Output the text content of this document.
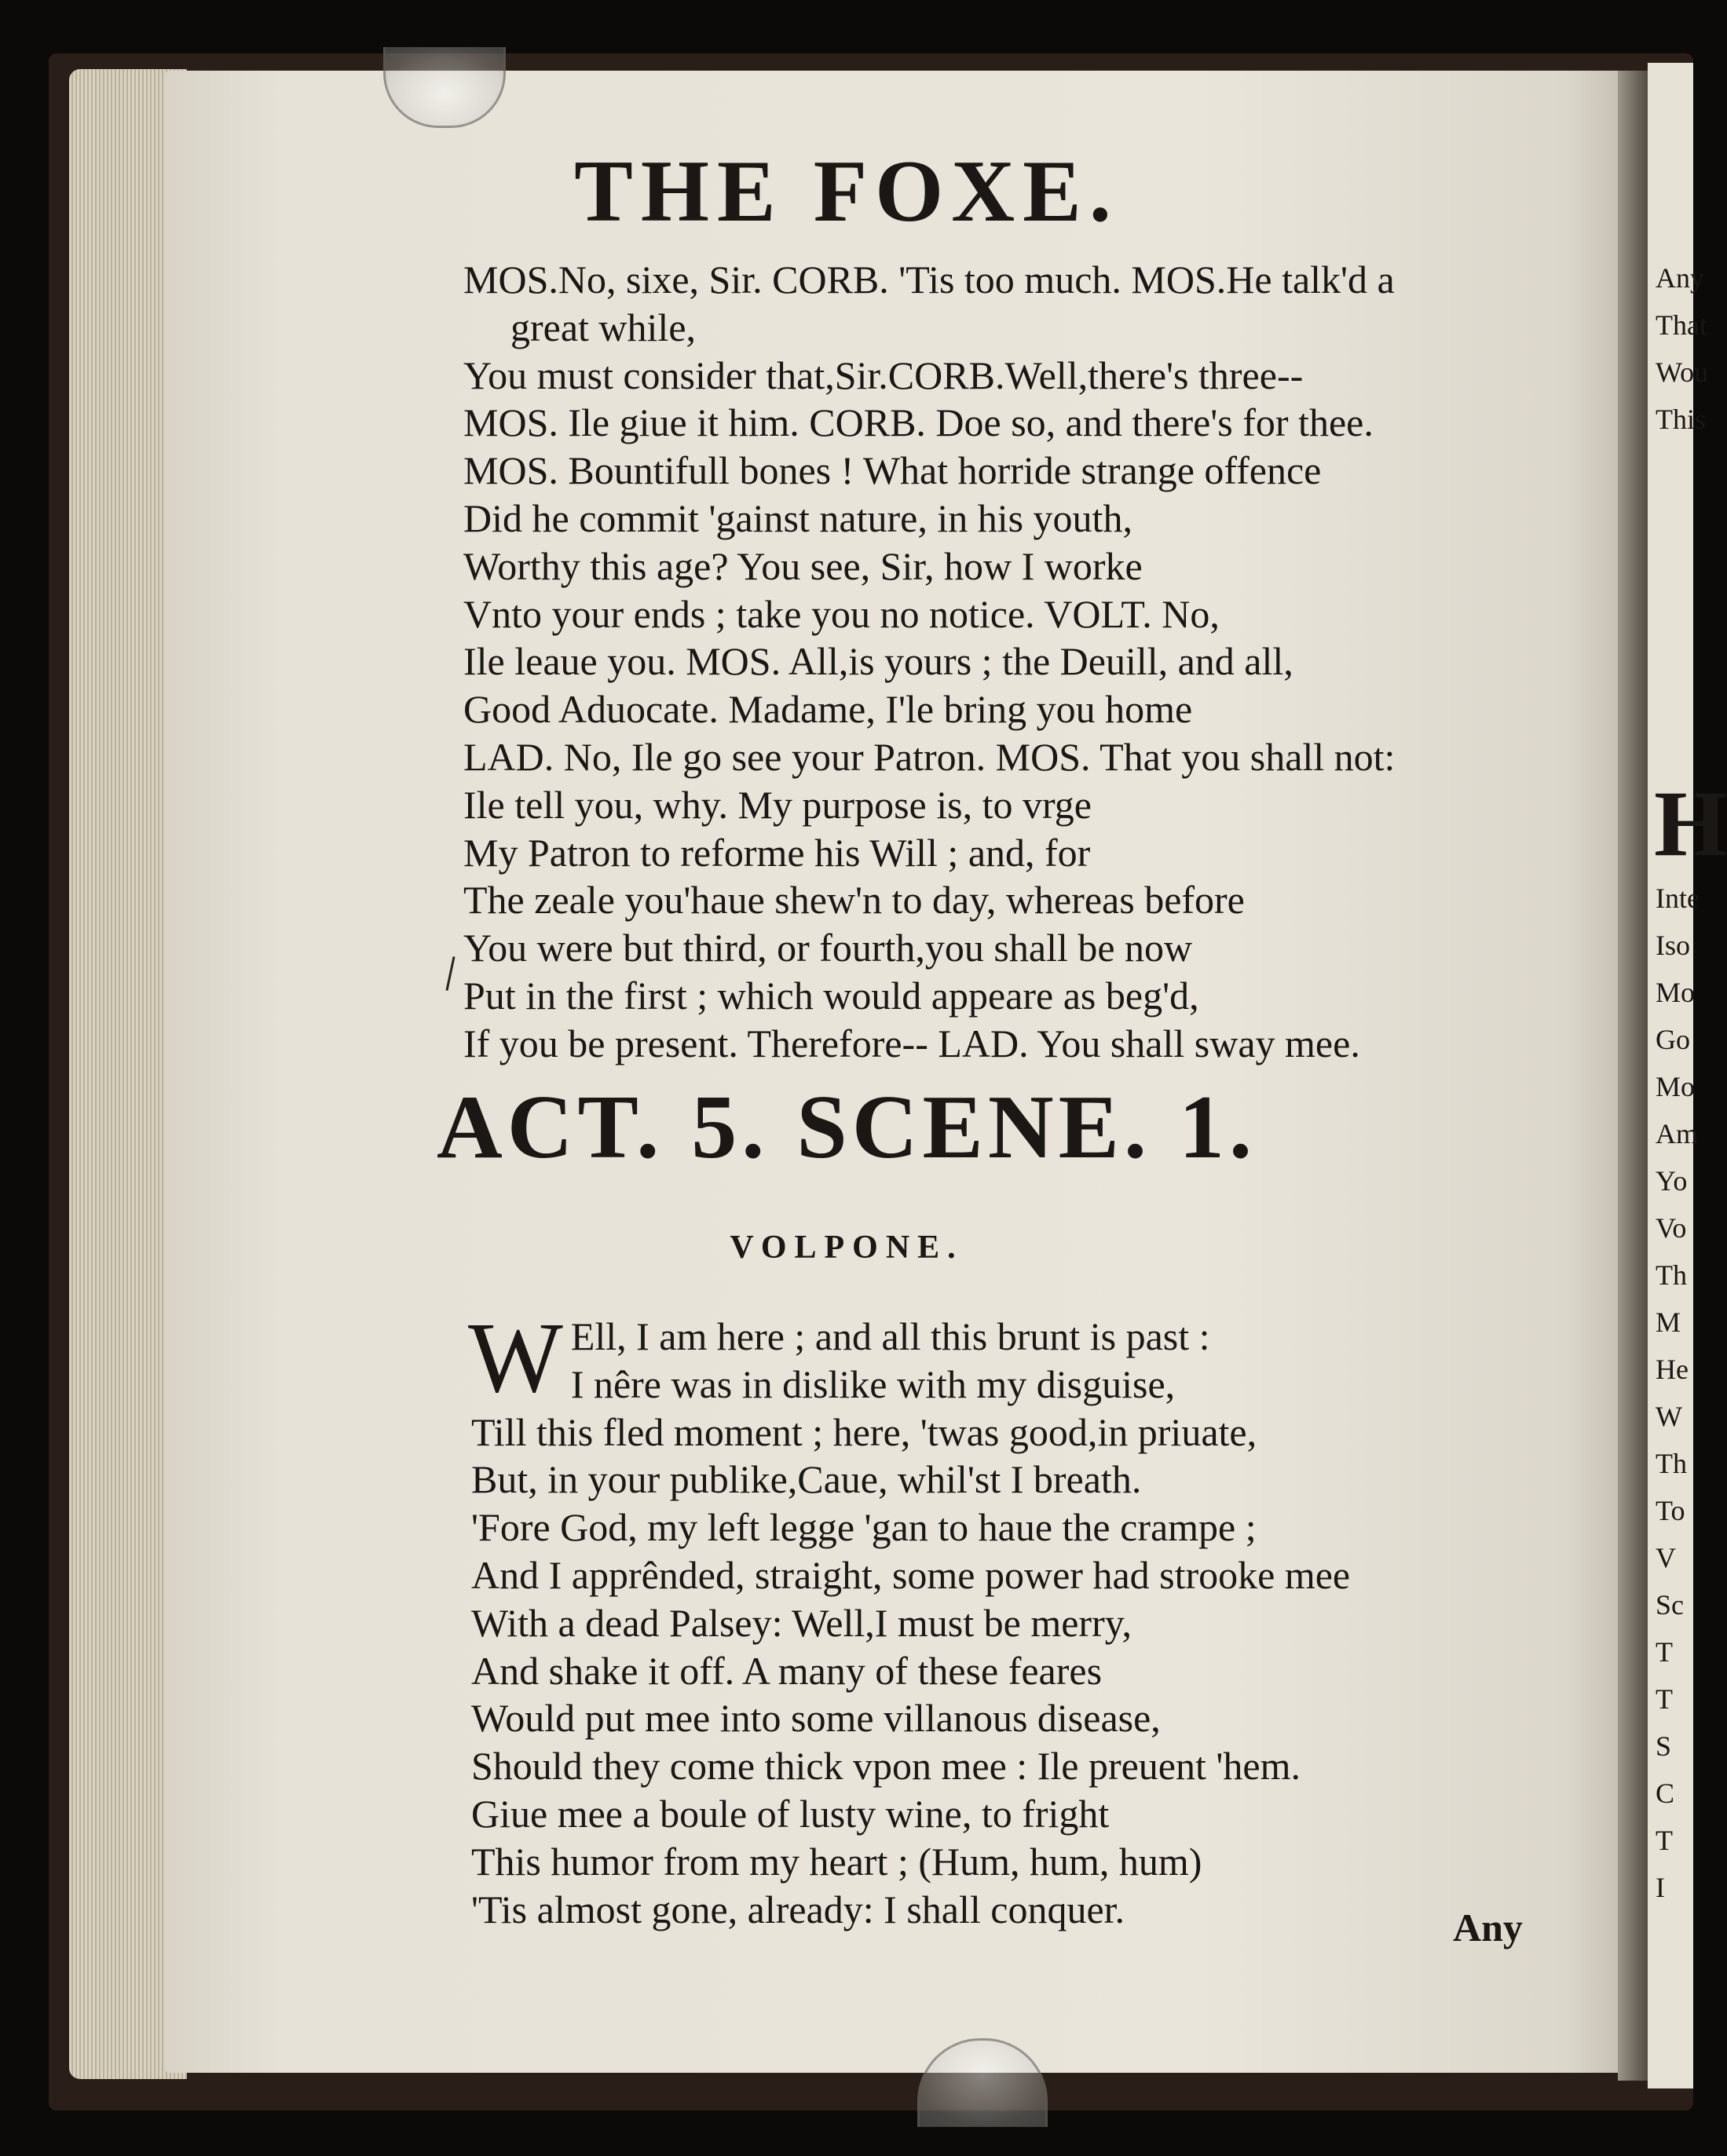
Any
That
Wou
This
H
Inte
Iso
Mo
Go
Mo
Am
Yo
Vo
Th
M
He
W
Th
To
V
Sc
T
T
S
C
T
I
THE FOXE.
MOS.No, sixe, Sir. CORB. 'Tis too much. MOS.He talk'd a
great while,
You must consider that,Sir.CORB.Well,there's three--
MOS. Ile giue it him. CORB. Doe so, and there's for thee.
MOS. Bountifull bones ! What horride strange offence
Did he commit 'gainst nature, in his youth,
Worthy this age? You see, Sir, how I worke
Vnto your ends ; take you no notice. VOLT. No,
Ile leaue you. MOS. All,is yours ; the Deuill, and all,
Good Aduocate. Madame, I'le bring you home
LAD. No, Ile go see your Patron. MOS. That you shall not:
Ile tell you, why. My purpose is, to vrge
My Patron to reforme his Will ; and, for
The zeale you'haue shew'n to day, whereas before
You were but third, or fourth,you shall be now
Put in the first ; which would appeare as beg'd,
If you be present. Therefore-- LAD. You shall sway mee.
ACT. 5. SCENE. 1.
VOLPONE.
W Ell, I am here ; and all this brunt is past :
I nêre was in dislike with my disguise,
Till this fled moment ; here, 'twas good,in priuate,
But, in your publike,Caue, whil'st I breath.
'Fore God, my left legge 'gan to haue the crampe ;
And I apprênded, straight, some power had strooke mee
With a dead Palsey: Well,I must be merry,
And shake it off. A many of these feares
Would put mee into some villanous disease,
Should they come thick vpon mee : Ile preuent 'hem.
Giue mee a boule of lusty wine, to fright
This humor from my heart ; (Hum, hum, hum)
'Tis almost gone, already: I shall conquer.	Any
